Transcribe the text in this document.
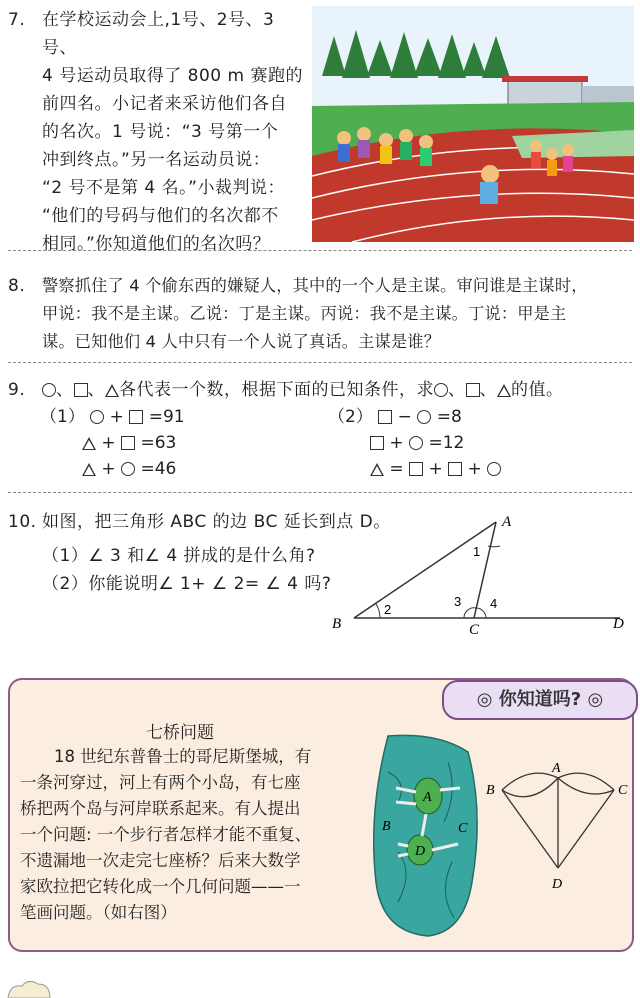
7. 在学校运动会上,1号、2号、3号、
4 号运动员取得了 800 m 赛跑的
前四名。小记者来采访他们各自
的名次。1 号说：“3 号第一个
冲到终点。”另一名运动员说：
“2 号不是第 4 名。”小裁判说：
“他们的号码与他们的名次都不
相同。”你知道他们的名次吗？
8. 警察抓住了 4 个偷东西的嫌疑人，其中的一个人是主谋。审问谁是主谋时，
甲说：我不是主谋。乙说：丁是主谋。丙说：我不是主谋。丁说：甲是主
谋。已知他们 4 人中只有一个人说了真话。主谋是谁？
9.	、 、 各代表一个数，根据下面的已知条件，求 、 、 的值。
（1）  +  =91
+  =63
+  =46
（2）  −  =8
+  =12
=  +  +
10. 如图，把三角形 ABC 的边 BC 延长到点 D。
（1）∠ 3 和∠ 4 拼成的是什么角?
（2）你能说明∠ 1+ ∠ 2= ∠ 4 吗?
A
B	C	D
1
2
3 4
◎ 你知道吗? ◎
七桥问题
18 世纪东普鲁士的哥尼斯堡城，有
一条河穿过，河上有两个小岛，有七座
桥把两个岛与河岸联系起来。有人提出
一个问题: 一个步行者怎样才能不重复、
不遗漏地一次走完七座桥？后来大数学
家欧拉把它转化成一个几何问题——一
笔画问题。（如右图）
A
B	C
D
A
B	C
D
